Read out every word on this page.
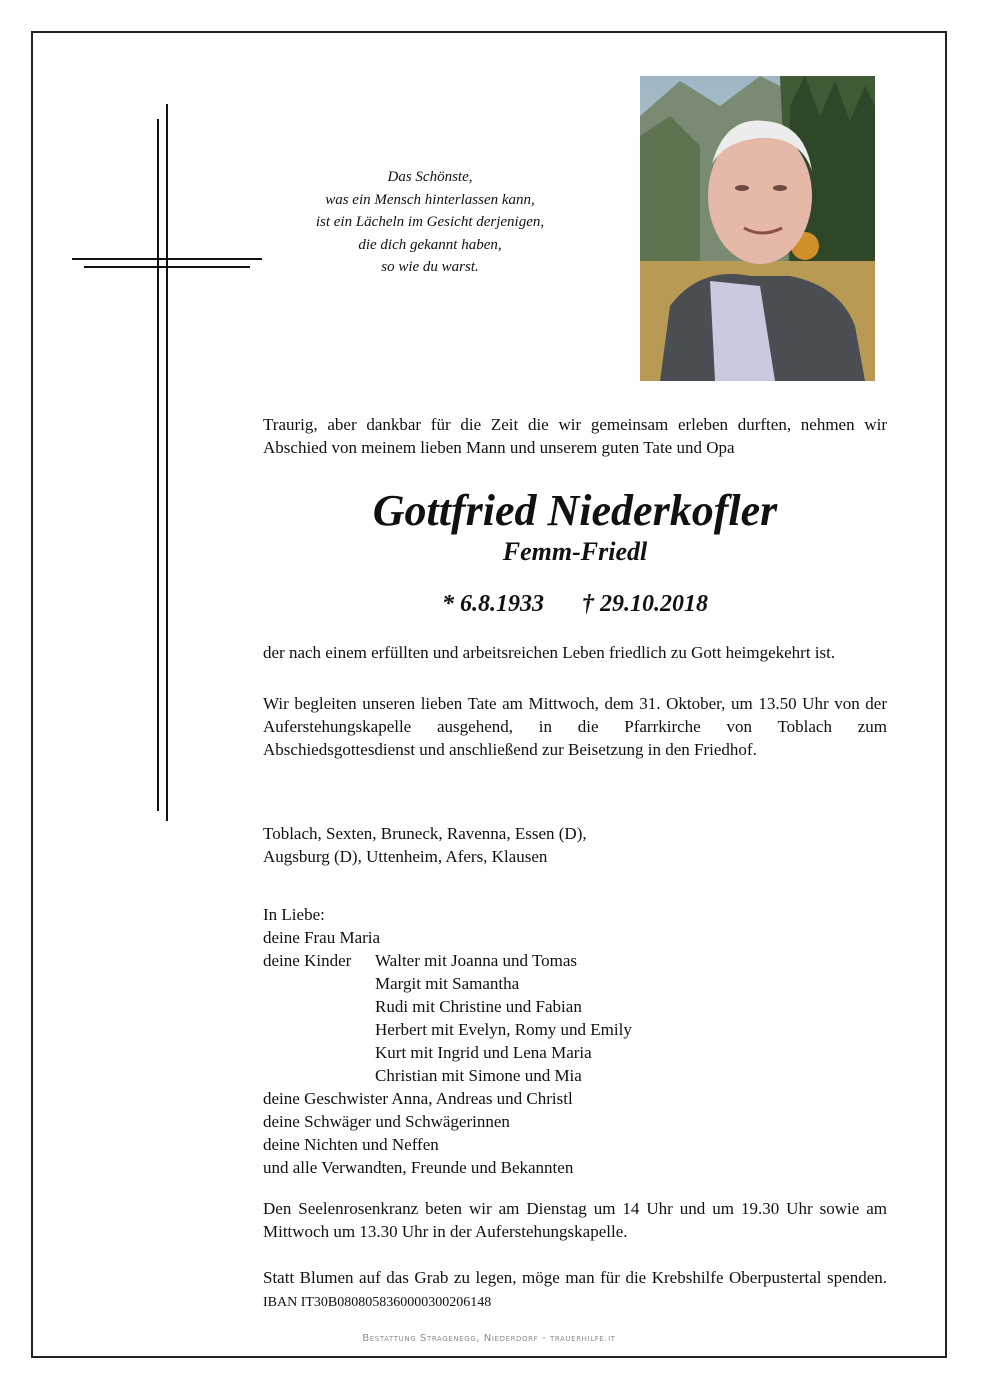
Das Schönste,
was ein Mensch hinterlassen kann,
ist ein Lächeln im Gesicht derjenigen,
die dich gekannt haben,
so wie du warst.
Traurig, aber dankbar für die Zeit die wir gemeinsam erleben durften, nehmen wir Abschied von meinem lieben Mann und unserem guten Tate und Opa
Gottfried Niederkofler
Femm-Friedl
* 6.8.1933 † 29.10.2018
der nach einem erfüllten und arbeitsreichen Leben friedlich zu Gott heimgekehrt ist.
Wir begleiten unseren lieben Tate am Mittwoch, dem 31. Oktober, um 13.50 Uhr von der Auferstehungskapelle ausgehend, in die Pfarrkirche von Toblach zum Abschiedsgottesdienst und anschließend zur Beisetzung in den Friedhof.
Toblach, Sexten, Bruneck, Ravenna, Essen (D),
Augsburg (D), Uttenheim, Afers, Klausen
In Liebe:
deine Frau Maria
deine Kinder Walter mit Joanna und Tomas
Margit mit Samantha
Rudi mit Christine und Fabian
Herbert mit Evelyn, Romy und Emily
Kurt mit Ingrid und Lena Maria
Christian mit Simone und Mia
deine Geschwister Anna, Andreas und Christl
deine Schwäger und Schwägerinnen
deine Nichten und Neffen
und alle Verwandten, Freunde und Bekannten
Den Seelenrosenkranz beten wir am Dienstag um 14 Uhr und um 19.30 Uhr sowie am Mittwoch um 13.30 Uhr in der Auferstehungskapelle.
Statt Blumen auf das Grab zu legen, möge man für die Krebshilfe Oberpustertal spenden. IBAN IT30B0808058360000300206148
Bestattung Stragenegg, Niederdorf - trauerhilfe.it
